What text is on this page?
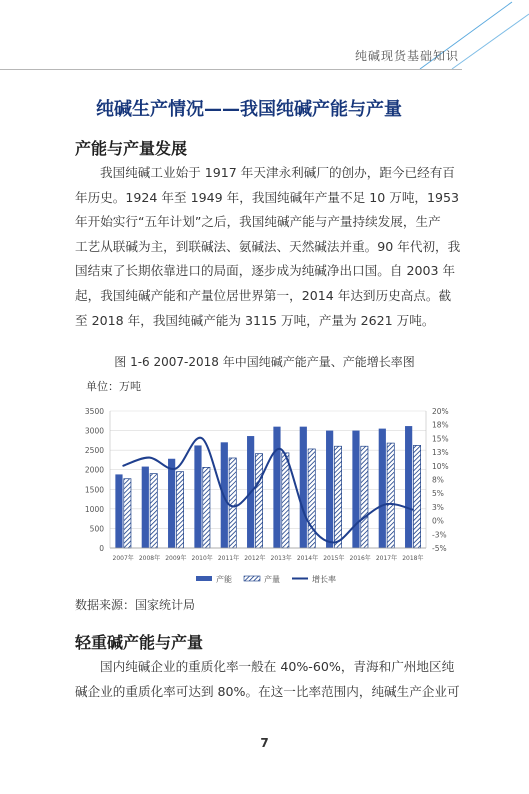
纯碱现货基础知识
纯碱生产情况——我国纯碱产能与产量
产能与产量发展
我国纯碱工业始于 1917 年天津永利碱厂的创办，距今已经有百
年历史。1924 年至 1949 年，我国纯碱年产量不足 10 万吨，1953
年开始实行“五年计划”之后，我国纯碱产能与产量持续发展，生产
工艺从联碱为主，到联碱法、氨碱法、天然碱法并重。90 年代初，我
国结束了长期依靠进口的局面，逐步成为纯碱净出口国。自 2003 年
起，我国纯碱产能和产量位居世界第一，2014 年达到历史高点。截
至 2018 年，我国纯碱产能为 3115 万吨，产量为 2621 万吨。
图 1-6 2007-2018 年中国纯碱产能产量、产能增长率图
单位：万吨
0
500
1000
1500
2000
2500
3000
3500
-5%
-3%
0%
3%
5%
8%
10%
13%
15%
18%
20%
2007年 2008年 2009年 2010年 2011年 2012年 2013年 2014年 2015年 2016年 2017年 2018年
产能	产量	增长率
数据来源：国家统计局
轻重碱产能与产量
国内纯碱企业的重质化率一般在 40%-60%，青海和广州地区纯
碱企业的重质化率可达到 80%。在这一比率范围内，纯碱生产企业可
7
